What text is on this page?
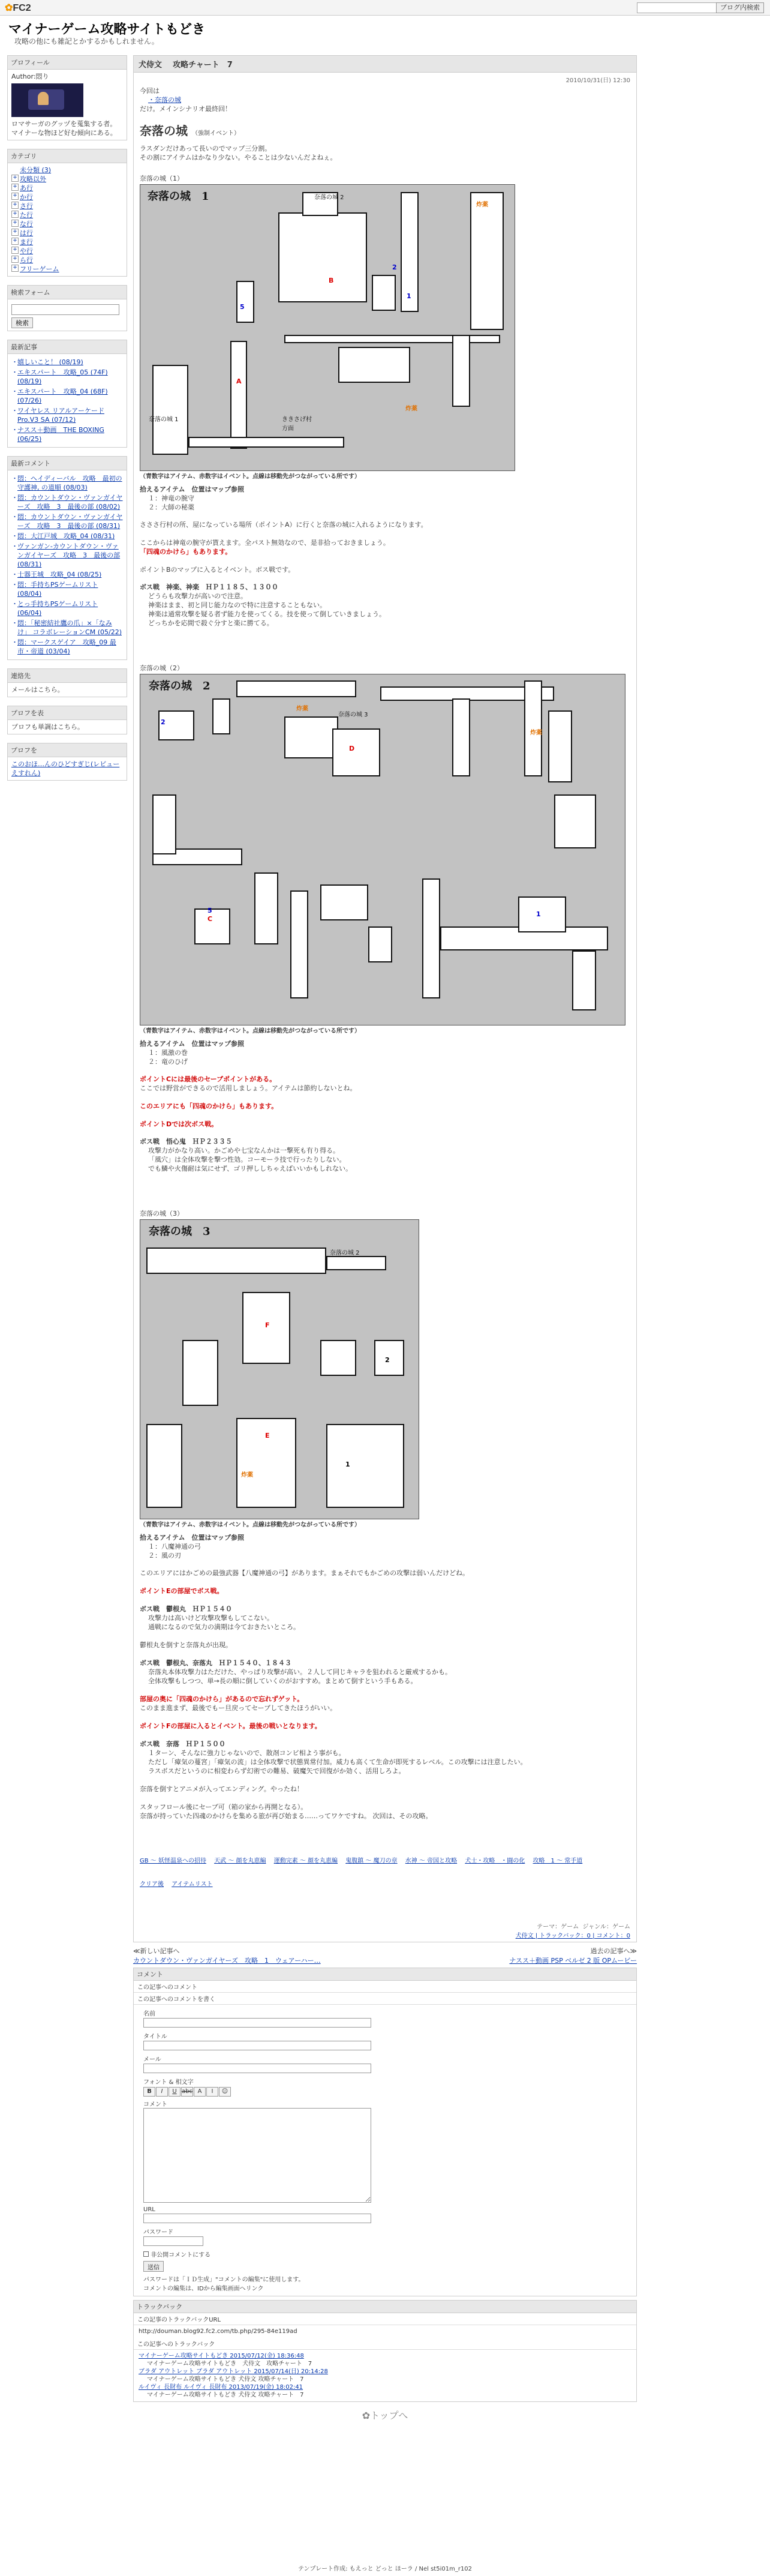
✿FC2	ブログ内検索
マイナーゲーム攻略サイトもどき
攻略の他にも雑記とかするかもしれません。
プロフィール
Author:悶り
ロマサーガのグッヅを蒐集する者。
マイナーな物ほど好む傾向にある。
カテゴリ
未分類 (3)
+ 攻略以外
+ あ行
+ か行
+ さ行
+ た行
+ な行
+ は行
+ ま行
+ や行
+ ら行
+ フリーゲーム
検索フォーム
検索
最新記事
・ 嬉しいこと！ (08/19)
・ エキスパート　攻略_05 (74F) (08/19)
・ エキスパート　攻略_04 (68F) (07/26)
・ ワイヤレス リアルアーケード Pro.V3 SA (07/12)
・ ナスス＋動画　THE BOXING (06/25)
最新コメント
・ 悶：ヘイディーバル　攻略　最初の守護神, の道順 (08/03)
・ 悶：カウントダウン・ヴァンガイヤーズ　攻略　3　最後の部 (08/02)
・ 悶：カウントダウン・ヴァンガイヤーズ　攻略　3　最後の部 (08/31)
・ 悶：大江戸城　攻略_04 (08/31)
・ ヴァンガン-カウントダウン・ヴァンガイヤーズ　攻略　3　最後の部 (08/31)
・ 士器王城　攻略_04 (08/25)
・ 悶：手持ちPSゲームリスト (08/04)
・ とっ手持ちPSゲームリスト (06/04)
・ 悶：「秘密結社鷹の爪」×「なみけ」 コラボレーションCM (05/22)
・ 悶：マークスゲイア　攻略_09 最市・帝道 (03/04)
連絡先
メールはこちら。
プロフを表
プロフも単調はこちら。
プロフを
このおほ…んのひどすぎじ(レビューえすれん)
犬侍文 攻略チャート　7
2010/10/31(日) 12:30

今回は

・奈落の城

だけ。メインシナリオ最終回！

奈落の城 （強制イベント）

ラスダンだけあって長いのでマップ三分割。

その割にアイテムはかなり少ない。やることは少ないんだよねぇ。

奈落の城（1）
奈落の城　1	奈落の城 2
ききさげ村
方面
奈落の城 1
炸薬
炸薬
B
A
5
1
2
（青数字はアイテム、赤数字はイベント。点線は移動先がつながっている所です）

拾えるアイテム　位置はマップ参照

１：神竜の腕守

２：大師の秘薬

さささ行村の所、屋になっている場所（ポイントA）に行くと奈落の城に入れるようになります。

ここからは神竜の腕守が貰えます。全パスト無効なので、是非拾っておきましょう。

「四魂のかけら」もあります。

ポイントBのマップに入るとイベント。ボス戦です。

ボス戦　神楽、神楽　ＨＰ１１８５、１３００

どうらも攻撃力が高いので注意。

神楽はまま、初と同じ能力なので特に注意することもない。

神楽は通常攻撃を疑る者ず能力を使ってくる。技を使って倒していきましょう。

どっちかを応間で殺ぐ分すと楽に勝てる。

奈落の城（2）
奈落の城　2
奈落の城 3
炸薬
炸薬
2
D
C
5	1
（青数字はアイテム、赤数字はイベント。点線は移動先がつながっている所です）

拾えるアイテム　位置はマップ参照

１：風激の巻

２：竜のひげ

ポイントCには最後のセーブポイントがある。

ここでは野営ができるので活用しましょう。アイテムは節約しないとね。

このエリアにも「四魂のかけら」もあります。

ポイントDでは次ボス戦。

ボス戦　悟心鬼　ＨＰ２３３５

攻撃力がかなり高い。かごめや七宝なんかは一撃死も有り得る。

「風穴」は全体攻撃を撃つ性効。コーモーラ技で行ったりしない。

でも鱗や火傷耐は気にせず、ゴリ押ししちゃえばいいかもしれない。

奈落の城（3）
奈落の城　3
奈落の城 2
炸薬
F
E
2
1
（青数字はアイテム、赤数字はイベント。点線は移動先がつながっている所です）

拾えるアイテム　位置はマップ参照

１：八魔神通の弓

２：風の刃

このエリアにはかごめの最強武器【八魔神通の弓】があります。まぁそれでもかごめの攻撃は弱いんだけどね。

ポイントEの部屋でボス戦。

ボス戦　鬱根丸　ＨＰ１５４０

攻撃力は高いけど攻撃攻撃もしてこない。

通戦になるので気力の満期は今ておきたいところ。

鬱根丸を倒すと奈落丸が出現。

ボス戦　鬱根丸、奈落丸　ＨＰ１５４０、１８４３

奈落丸本体攻撃力はただけた、やっぱり攻撃が高い。２人して同じキャラを狙われると厳戒するかも。

全体攻撃もしつつ、単→長の順に倒していくのがおすすめ。まとめて倒すという手もある。

部屋の奥に「四魂のかけら」があるので忘れずゲット。

このまま進まず、最後でもー旦戻ってセーブしてきたほうがいい。

ポイントFの部屋に入るとイベント。最後の戦いとなります。

ボス戦　奈落　ＨＰ１５００

１ターン、そんなに強力じゃないので、散剤コンビ相よう事がも。

ただし「瘴気の蔓宮」「瘴気の流」は全体攻撃で状態異常付加。威力も高くて生命が即死するレベル。この攻撃には注意したい。

ラスボスだというのに相変わらず幻術での難易、破魔矢で回復がか効く、活用しろよ。

奈落を倒すとアニメが入ってエンディング。やったね！

スタッフロール後にセーブ可（箱の家から再開となる）。

奈落が持っていた四魂のかけらを集める旅が再び始まる……ってワケですね。 次回は、その攻略。

GB ～ 妖怪温泉への招待 天武 ～ 顔を丸恵編 運動完素 ～ 顔を丸恵編 鬼腹鎮 ～ 魔刀の章 水神 ～ 帝国と攻略 犬士・攻略　・闘の化 攻略　1 ～ 常手道
クリア後 アイテムリスト
テーマ：ゲーム ジャンル：ゲーム
犬侍文 | トラックバック：0 | コメント：0
≪新しい記事へ
カウントダウン・ヴァンガイヤーズ　攻略　1　ウェアーハー…
過去の記事へ≫
ナスス＋動画 PSP ベルゼ 2 版 OPムービー
コメント
この記事へのコメント
この記事へのコメントを書く
名前
タイトル
メール
フォント & 相文字
B I U abc A I ☺
コメント
URL
パスワード
非公開コメントにする
送信
パスワードは「ＩＤ生成」"コメントの編集"に使用します。
コメントの編集は、IDから編集画面へリンク
トラックバック
この記事のトラックバックURL
http://douman.blog92.fc2.com/tb.php/295-84e119ad
この記事へのトラックバック
マイナーゲーム攻略サイトもどき 2015/07/12(金) 18:36:48
マイナーゲーム攻略サイトもどき　犬侍文　攻略チャート　7
ブラダ アウトレット ブラダ アウトレット 2015/07/14(日) 20:14:28
マイナーゲーム攻略サイトもどき 犬侍文 攻略チャート　7
ルイヴィ 長財布 ルイヴィ 長財布 2013/07/19(金) 18:02:41
マイナーゲーム攻略サイトもどき 犬侍文 攻略チャート　7
✿トップへ
テンプレート作成: もえっと どっと ほーラ / Nel st5i01m_r102
